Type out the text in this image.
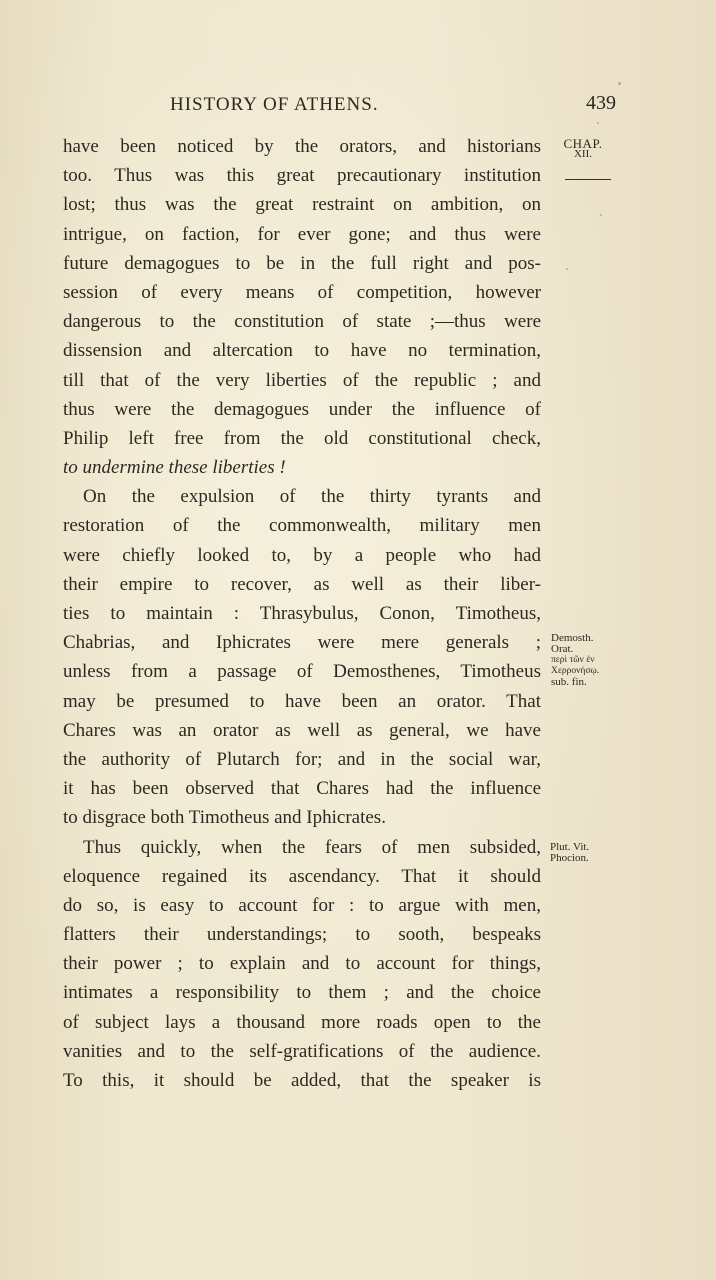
HISTORY OF ATHENS.	439
CHAP.
XII.
Demosth.
Orat.
περὶ τῶν ἐν
Χερρονήσῳ.
sub. fin.
Plut. Vit.
Phocion.
have been noticed by the orators, and historians
too. Thus was this great precautionary institution
lost; thus was the great restraint on ambition, on
intrigue, on faction, for ever gone; and thus were
future demagogues to be in the full right and pos-
session of every means of competition, however
dangerous to the constitution of state ;—thus were
dissension and altercation to have no termination,
till that of the very liberties of the republic ; and
thus were the demagogues under the influence of
Philip left free from the old constitutional check,
to undermine these liberties !
On the expulsion of the thirty tyrants and
restoration of the commonwealth, military men
were chiefly looked to, by a people who had
their empire to recover, as well as their liber-
ties to maintain : Thrasybulus, Conon, Timotheus,
Chabrias, and Iphicrates were mere generals ;
unless from a passage of Demosthenes, Timotheus
may be presumed to have been an orator. That
Chares was an orator as well as general, we have
the authority of Plutarch for; and in the social war,
it has been observed that Chares had the influence
to disgrace both Timotheus and Iphicrates.
Thus quickly, when the fears of men subsided,
eloquence regained its ascendancy. That it should
do so, is easy to account for : to argue with men,
flatters their understandings; to sooth, bespeaks
their power ; to explain and to account for things,
intimates a responsibility to them ; and the choice
of subject lays a thousand more roads open to the
vanities and to the self-gratifications of the audience.
To this, it should be added, that the speaker is
